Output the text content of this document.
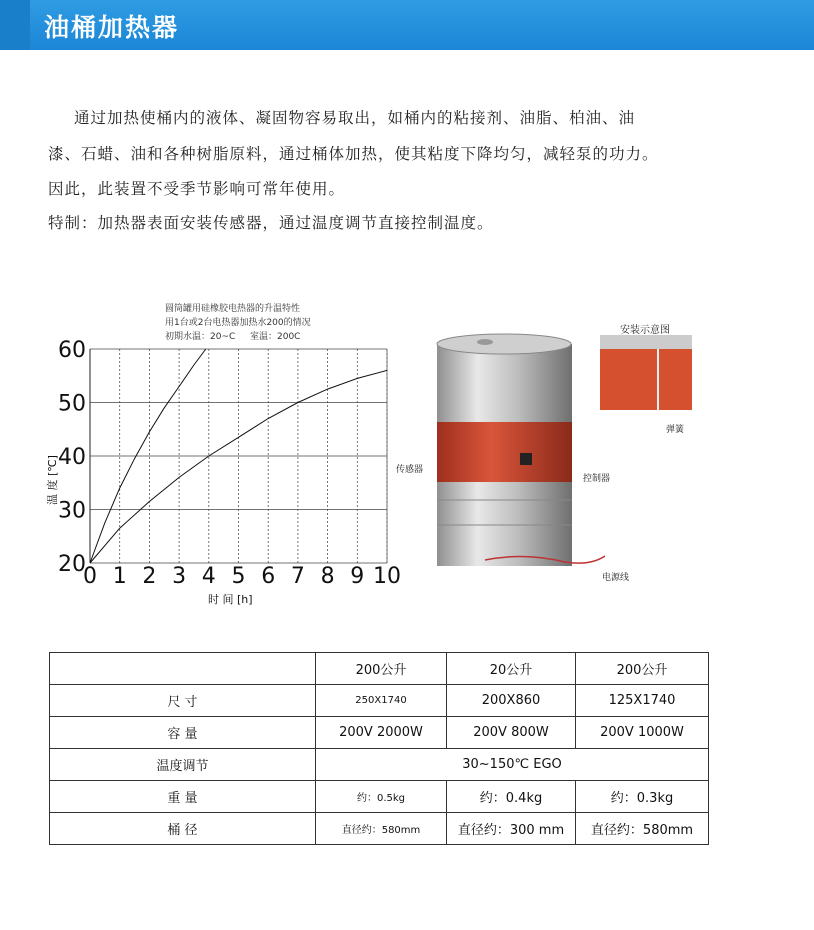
油桶加热器
通过加热使桶内的液体、凝固物容易取出，如桶内的粘接剂、油脂、柏油、油
漆、石蜡、油和各种树脂原料，通过桶体加热，使其粘度下降均匀，减轻泵的功力。
因此，此装置不受季节影响可常年使用。
特制：加热器表面安装传感器，通过温度调节直接控制温度。
圆筒罐用硅橡胶电热器的升温特性
用1台或2台电热器加热水200的情况
初期水温：20~C 室温：200C
0 1 2 3 4 5 6 7 8 9 10
20
30
40
50
60
时 间 [h]
温 度 [℃]
安装示意图
弹簧
传感器
控制器
电源线
	200公升	20公升	200公升
尺 寸	250X1740	200X860	125X1740
容 量	200V 2000W	200V 800W	200V 1000W
温度调节	30~150℃ EGO		
重 量	约：0.5kg	约：0.4kg	约：0.3kg
桶 径	直径约：580mm	直径约：300 mm	直径约：580mm
